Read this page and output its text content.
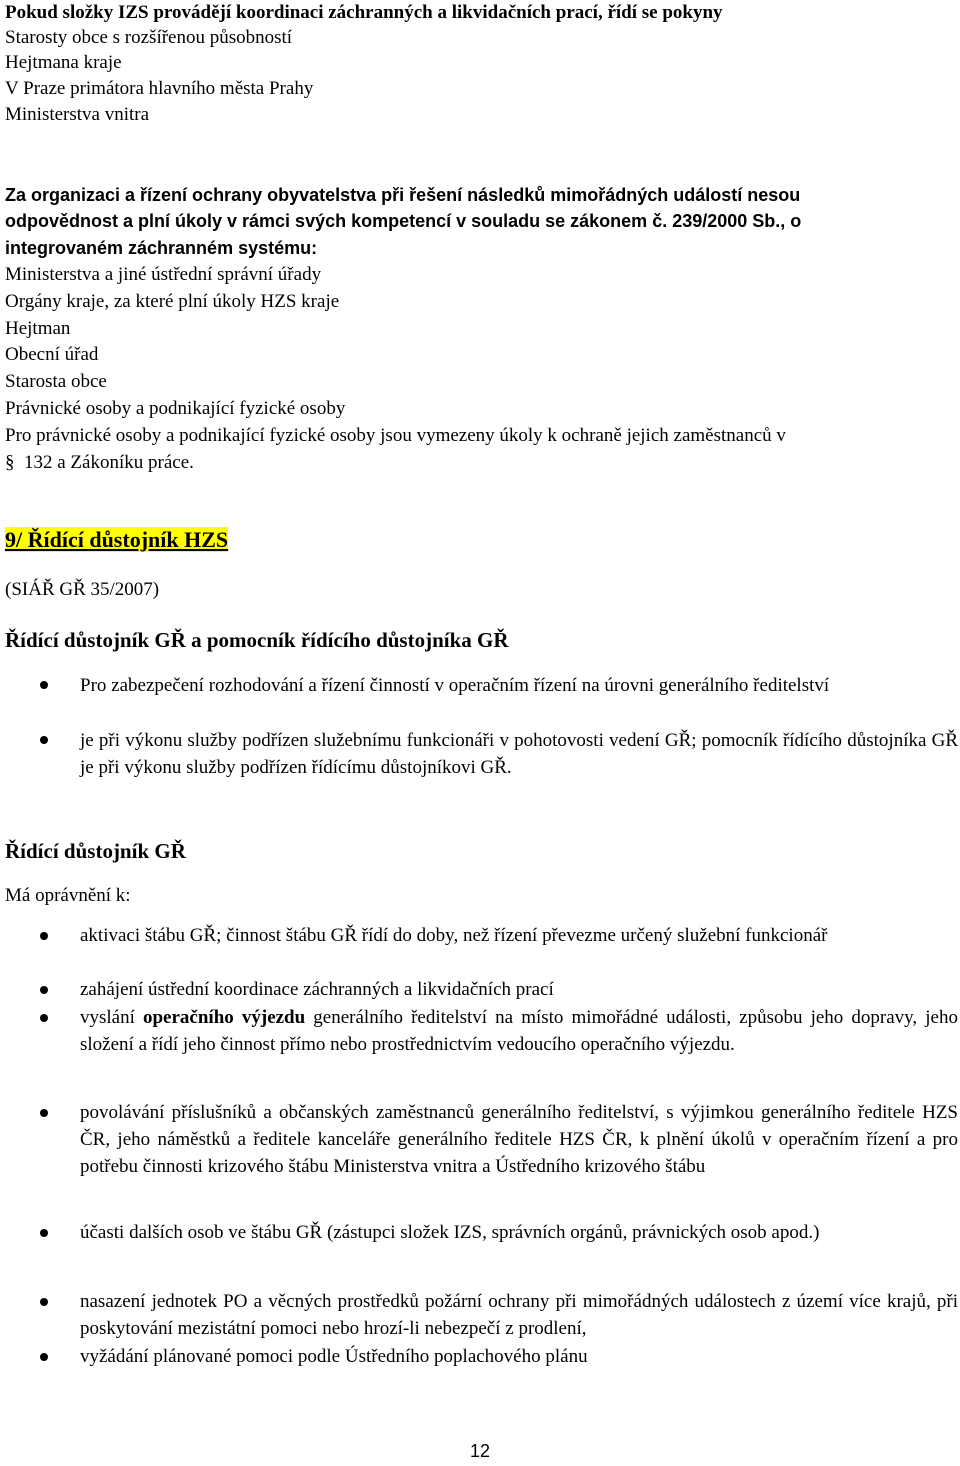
Pokud složky IZS provádějí koordinaci záchranných a likvidačních prací, řídí se pokyny
Starosty obce s rozšířenou působností
Hejtmana kraje
V Praze primátora hlavního města Prahy
Ministerstva vnitra
Za organizaci a řízení ochrany obyvatelstva při řešení následků mimořádných událostí nesou
odpovědnost a plní úkoly v rámci svých kompetencí v souladu se zákonem č. 239/2000 Sb., o
integrovaném záchranném systému:
Ministerstva a jiné ústřední správní úřady
Orgány kraje, za které plní úkoly HZS kraje
Hejtman
Obecní úřad
Starosta obce
Právnické osoby a podnikající fyzické osoby
Pro právnické osoby a podnikající fyzické osoby jsou vymezeny úkoly k ochraně jejich zaměstnanců v
§ 132 a Zákoníku práce.
9/ Řídící důstojník HZS
(SIÁŘ GŘ 35/2007)
Řídící důstojník GŘ a pomocník řídícího důstojníka GŘ
Pro zabezpečení rozhodování a řízení činností v operačním řízení na úrovni generálního ředitelství
je při výkonu služby podřízen služebnímu funkcionáři v pohotovosti vedení GŘ; pomocník řídícího důstojníka GŘ je při výkonu služby podřízen řídícímu důstojníkovi GŘ.
Řídící důstojník GŘ
Má oprávnění k:
aktivaci štábu GŘ; činnost štábu GŘ řídí do doby, než řízení převezme určený služební funkcionář
zahájení ústřední koordinace záchranných a likvidačních prací
vyslání operačního výjezdu generálního ředitelství na místo mimořádné události, způsobu jeho dopravy, jeho složení a řídí jeho činnost přímo nebo prostřednictvím vedoucího operačního výjezdu.
povolávání příslušníků a občanských zaměstnanců generálního ředitelství, s výjimkou generálního ředitele HZS ČR, jeho náměstků a ředitele kanceláře generálního ředitele HZS ČR, k plnění úkolů v operačním řízení a pro potřebu činnosti krizového štábu Ministerstva vnitra a Ústředního krizového štábu
účasti dalších osob ve štábu GŘ (zástupci složek IZS, správních orgánů, právnických osob apod.)
nasazení jednotek PO a věcných prostředků požární ochrany při mimořádných událostech z území více krajů, při poskytování mezistátní pomoci nebo hrozí-li nebezpečí z prodlení,
vyžádání plánované pomoci podle Ústředního poplachového plánu
12
